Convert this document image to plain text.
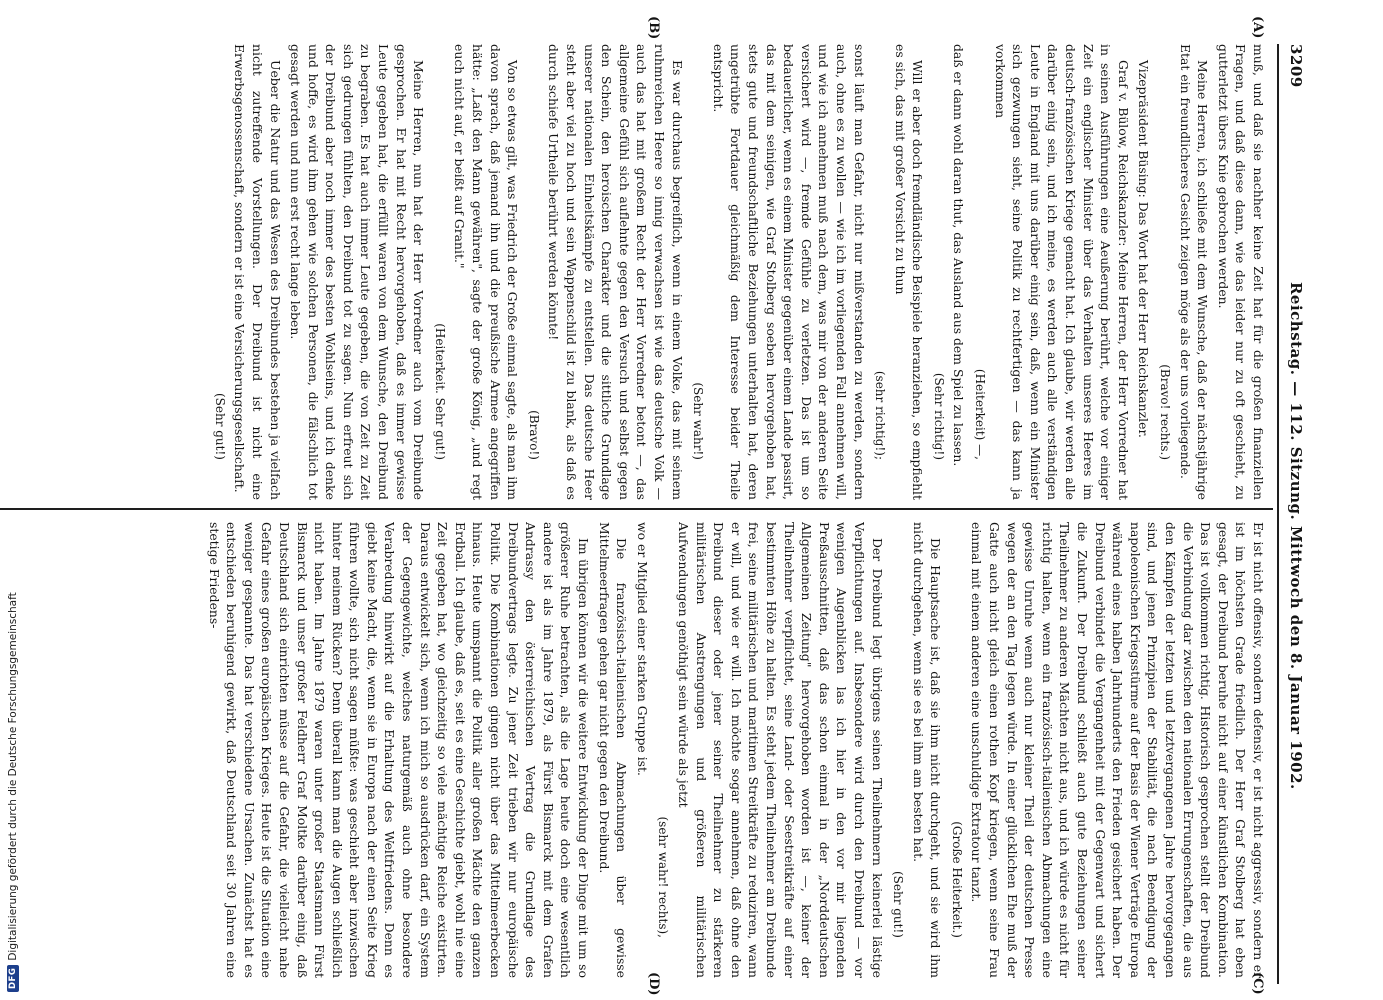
3209
Reichstag. — 112. Sitzung. Mittwoch den 8. Januar 1902.

muß, und daß sie nachher keine Zeit hat für die großen finanziellen Fragen, und daß diese dann, wie das leider nur zu oft geschieht, zu gutterletzt übers Knie gebrochen werden.

Meine Herren, ich schließe mit dem Wunsche, daß der nächstjährige Etat ein freundlicheres Gesicht zeigen möge als der uns vorliegende.

(Bravo! rechts.)

Vizepräsident Büsing: Das Wort hat der Herr Reichskanzler.

Graf v. Bülow, Reichskanzler: Meine Herren, der Herr Vorredner hat in seinen Ausführungen eine Aeußerung berührt, welche vor einiger Zeit ein englischer Minister über das Verhalten unseres Heeres im deutsch-französischen Kriege gemacht hat. Ich glaube, wir werden alle darüber einig sein, und ich meine, es werden auch alle verständigen Leute in England mit uns darüber einig sein, daß, wenn ein Minister sich gezwungen sieht, seine Politik zu rechtfertigen — das kann ja vorkommen

(Heiterkeit) —,

daß er dann wohl daran thut, das Ausland aus dem Spiel zu lassen.

(Sehr richtig!)

Will er aber doch fremdländische Beispiele heranziehen, so empfiehlt es sich, das mit großer Vorsicht zu thun

(sehr richtig!);

sonst läuft man Gefahr, nicht nur mißverstanden zu werden, sondern auch, ohne es zu wollen — wie ich im vorliegenden Fall annehmen will, und wie ich annehmen muß nach dem, was mir von der anderen Seite versichert wird —, fremde Gefühle zu verletzen. Das ist um so bedauerlicher, wenn es einem Minister gegenüber einem Lande passirt, das mit dem seinigen, wie Graf Stolberg soeben hervorgehoben hat, stets gute und freundschaftliche Beziehungen unterhalten hat, deren ungetrübte Fortdauer gleichmäßig dem Interesse beider Theile entspricht.

(Sehr wahr!)

Es war durchaus begreiflich, wenn in einem Volke, das mit seinem ruhmreichen Heere so innig verwachsen ist wie das deutsche Volk — auch das hat mit großem Recht der Herr Vorredner betont —, das allgemeine Gefühl sich auflehnte gegen den Versuch und selbst gegen den Schein, den heroischen Charakter und die sittliche Grundlage unserer nationalen Einheitskämpfe zu entstellen. Das deutsche Heer steht aber viel zu hoch und sein Wappenschild ist zu blank, als daß es durch schiefe Urtheile berührt werden könnte!

(Bravo!)

Von so etwas gilt, was Friedrich der Große einmal sagte, als man ihm davon sprach, daß jemand ihn und die preußische Armee angegriffen hätte: „Laßt den Mann gewähren", sagte der große König, „und regt euch nicht auf, er beißt auf Granit."

(Heiterkeit. Sehr gut!)

Meine Herren, nun hat der Herr Vorredner auch vom Dreibunde gesprochen. Er hat mit Recht hervorgehoben, daß es immer gewisse Leute gegeben hat, die erfüllt waren von dem Wunsche, den Dreibund zu begraben. Es hat auch immer Leute gegeben, die von Zeit zu Zeit sich gedrungen fühlten, den Dreibund tot zu sagen. Nun erfreut sich der Dreibund aber noch immer des besten Wohlseins, und ich denke und hoffe, es wird ihm gehen wie solchen Personen, die fälschlich tot gesagt werden und nun erst recht lange leben.

Ueber die Natur und das Wesen des Dreibundes bestehen ja vielfach nicht zutreffende Vorstellungen. Der Dreibund ist nicht eine Erwerbsgenossenschaft, sondern er ist eine Versicherungsgesellschaft.

(Sehr gut!)

Er ist nicht offensiv, sondern defensiv, er ist nicht aggressiv, sondern er ist im höchsten Grade friedlich. Der Herr Graf Stolberg hat eben gesagt, der Dreibund beruhe nicht auf einer künstlichen Kombination. Das ist vollkommen richtig. Historisch gesprochen stellt der Dreibund die Verbindung dar zwischen den nationalen Errungenschaften, die aus den Kämpfen der letzten und letztvergangenen Jahre hervorgegangen sind, und jenen Prinzipien der Stabilität, die nach Beendigung der napoleonischen Kriegsstürme auf der Basis der Wiener Verträge Europa während eines halben Jahrhunderts den Frieden gesichert haben. Der Dreibund verbindet die Vergangenheit mit der Gegenwart und sichert die Zukunft. Der Dreibund schließt auch gute Beziehungen seiner Theilnehmer zu anderen Mächten nicht aus, und ich würde es nicht für richtig halten, wenn ein französisch-italienischen Abmachungen eine gewisse Unruhe wenn auch nur kleiner Theil der deutschen Presse wegen der an den Tag legen würde. In einer glücklichen Ehe muß der Gatte auch nicht gleich einen rothen Kopf kriegen, wenn seine Frau einmal mit einem anderen eine unschuldige Extratour tanzt.

(Große Heiterkeit.)

Die Hauptsache ist, daß sie ihm nicht durchgeht, und sie wird ihm nicht durchgehen, wenn sie es bei ihm am besten hat.

(Sehr gut!)

Der Dreibund legt übrigens seinen Theilnehmern keinerlei lästige Verpflichtungen auf. Insbesondere wird durch den Dreibund — vor wenigen Augenblicken las ich hier in den vor mir liegenden Preßausschnitten, daß das schon einmal in der „Norddeutschen Allgemeinen Zeitung" hervorgehoben worden ist —, keiner der Theilnehmer verpflichtet, seine Land- oder Seestreitkräfte auf einer bestimmten Höhe zu halten. Es steht jedem Theilnehmer am Dreibunde frei, seine militärischen und maritimen Streitkräfte zu reduziren, wann er will, und wie er will. Ich möchte sogar annehmen, daß ohne den Dreibund dieser oder jener seiner Theilnehmer zu stärkeren militärischen Anstrengungen und größeren militärischen Aufwendungen genöthigt sein würde als jetzt

(sehr wahr! rechts),

wo er Mitglied einer starken Gruppe ist.

Die französisch-italienischen Abmachungen über gewisse Mittelmeerfragen gehen gar nicht gegen den Dreibund.

Im übrigen können wir die weitere Entwicklung der Dinge mit um so größerer Ruhe betrachten, als die Lage heute doch eine wesentlich andere ist als im Jahre 1879, als Fürst Bismarck mit dem Grafen Andrassy den österreichischen Vertrag die Grundlage des Dreibundvertrags legte. Zu jener Zeit trieben wir nur europäische Politik. Die Kombinationen gingen nicht über das Mittelmeerbecken hinaus. Heute umspannt die Politik aller großen Mächte den ganzen Erdball. Ich glaube, daß es, seit es eine Geschichte giebt, wohl nie eine Zeit gegeben hat, wo gleichzeitig so viele mächtige Reiche existirten. Daraus entwickelt sich, wenn ich mich so ausdrücken darf, ein System der Gegengewichte, welches naturgemäß auch ohne besondere Verabredung hinwirkt auf die Erhaltung des Weltfriedens. Denn es giebt keine Macht, die, wenn sie in Europa nach der einen Seite Krieg führen wollte, sich nicht sagen müßte: was geschieht aber inzwischen hinter meinem Rücken? Denn überall kann man die Augen schließlich nicht haben. Im Jahre 1879 waren unter großer Staatsmann Fürst Bismarck und unser großer Feldherr Graf Moltke darüber einig, daß Deutschland sich einrichten müsse auf die Gefahr, die vielleicht nahe Gefahr eines großen europäischen Krieges. Heute ist die Situation eine weniger gespannte. Das hat verschiedene Ursachen. Zunächst hat es entschieden beruhigend gewirkt, daß Deutschland seit 30 Jahren eine stetige Friedens-

(A)
(B)
(C)
(D)
DFG
Digitalisierung gefördert durch die Deutsche Forschungsgemeinschaft
